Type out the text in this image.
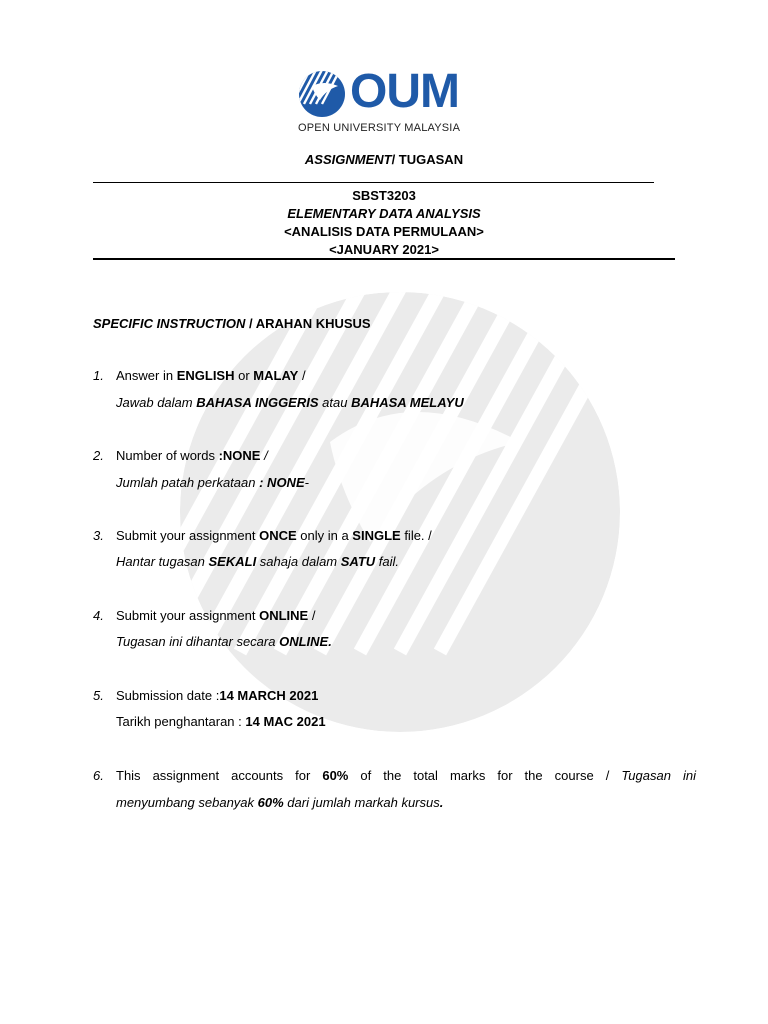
OUM
OPEN UNIVERSITY MALAYSIA
ASSIGNMENT/ TUGASAN
SBST3203
ELEMENTARY DATA ANALYSIS
<ANALISIS DATA PERMULAAN>
<JANUARY 2021>
SPECIFIC INSTRUCTION / ARAHAN KHUSUS
1. Answer in ENGLISH or MALAY /
Jawab dalam BAHASA INGGERIS atau BAHASA MELAYU
2. Number of words :NONE /
Jumlah patah perkataan : NONE-
3. Submit your assignment ONCE only in a SINGLE file. /
Hantar tugasan SEKALI sahaja dalam SATU fail.
4. Submit your assignment ONLINE /
Tugasan ini dihantar secara ONLINE.
5. Submission date :14 MARCH 2021
Tarikh penghantaran : 14 MAC 2021
6. This assignment accounts for 60% of the total marks for the course / Tugasan ini
menyumbang sebanyak 60% dari jumlah markah kursus.
